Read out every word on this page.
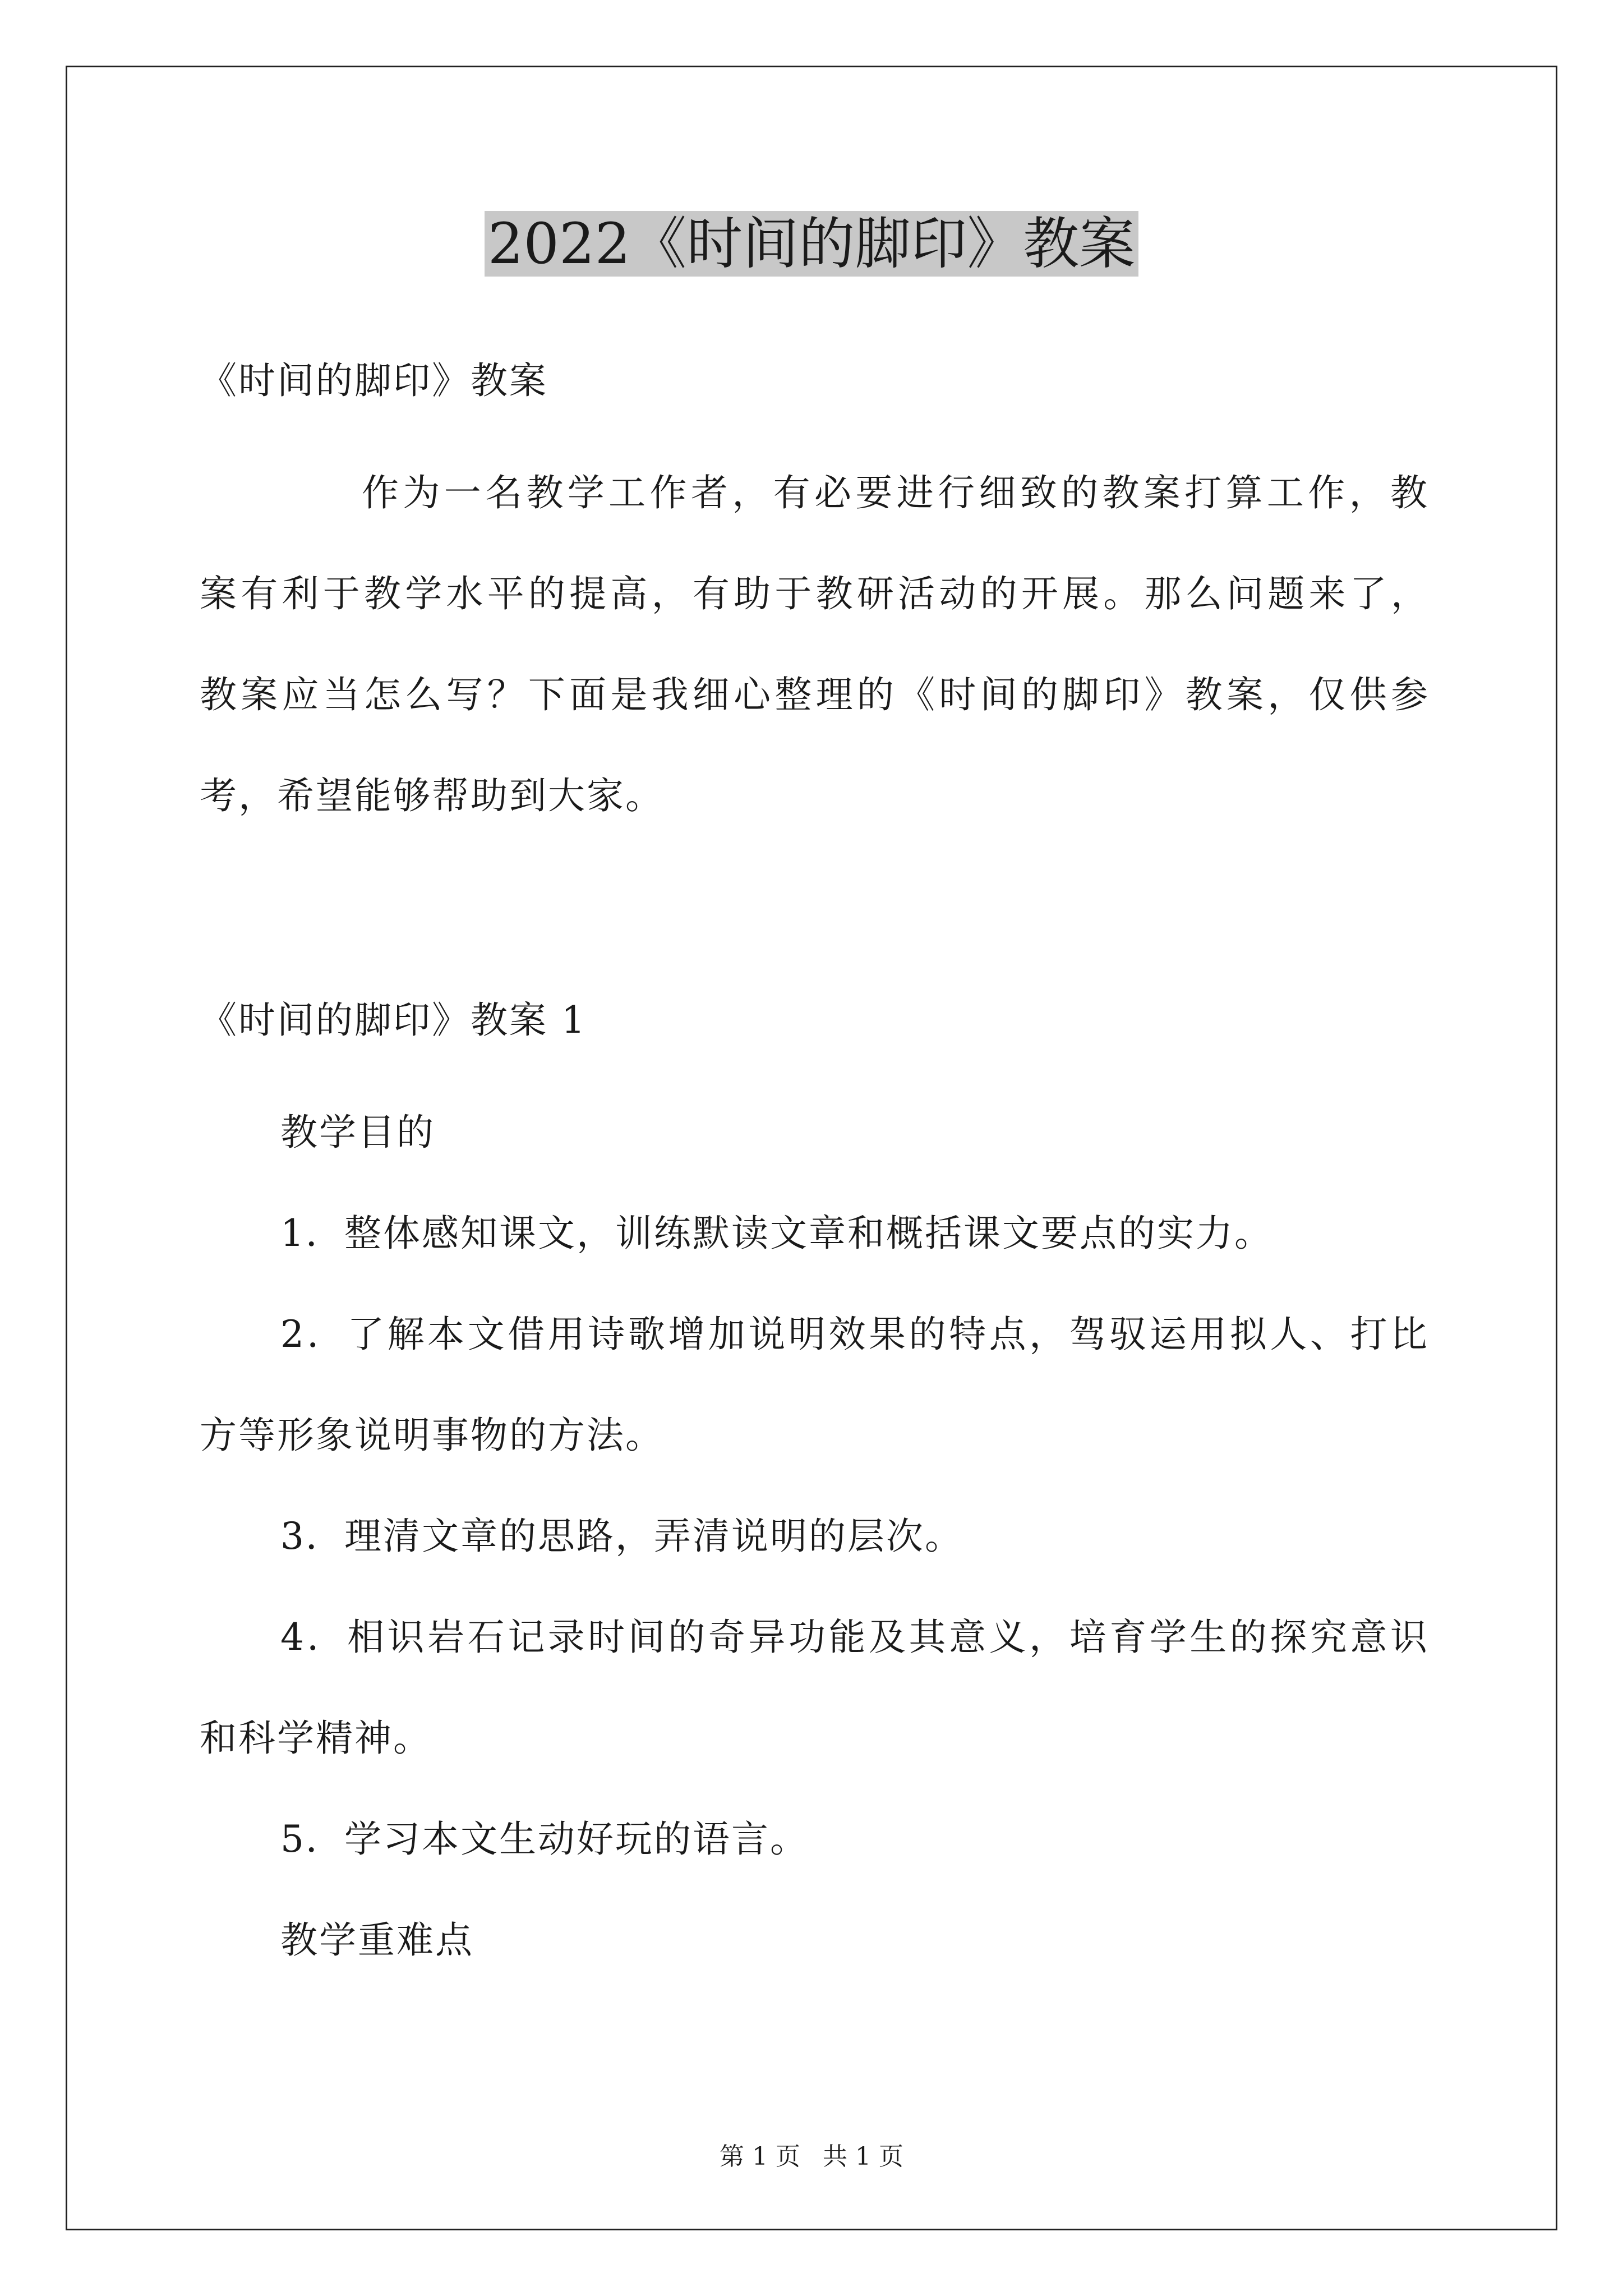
2022《时间的脚印》教案

《时间的脚印》教案

作为一名教学工作者，有必要进行细致的教案打算工作，教
案有利于教学水平的提高，有助于教研活动的开展。那么问题来了，
教案应当怎么写？下面是我细心整理的《时间的脚印》教案，仅供参

考，希望能够帮助到大家。

《时间的脚印》教案 1

教学目的

1．整体感知课文，训练默读文章和概括课文要点的实力。

2．了解本文借用诗歌增加说明效果的特点，驾驭运用拟人、打比

方等形象说明事物的方法。

3．理清文章的思路，弄清说明的层次。

4．相识岩石记录时间的奇异功能及其意义，培育学生的探究意识

和科学精神。

5．学习本文生动好玩的语言。

教学重难点

第 1 页 共 1 页
